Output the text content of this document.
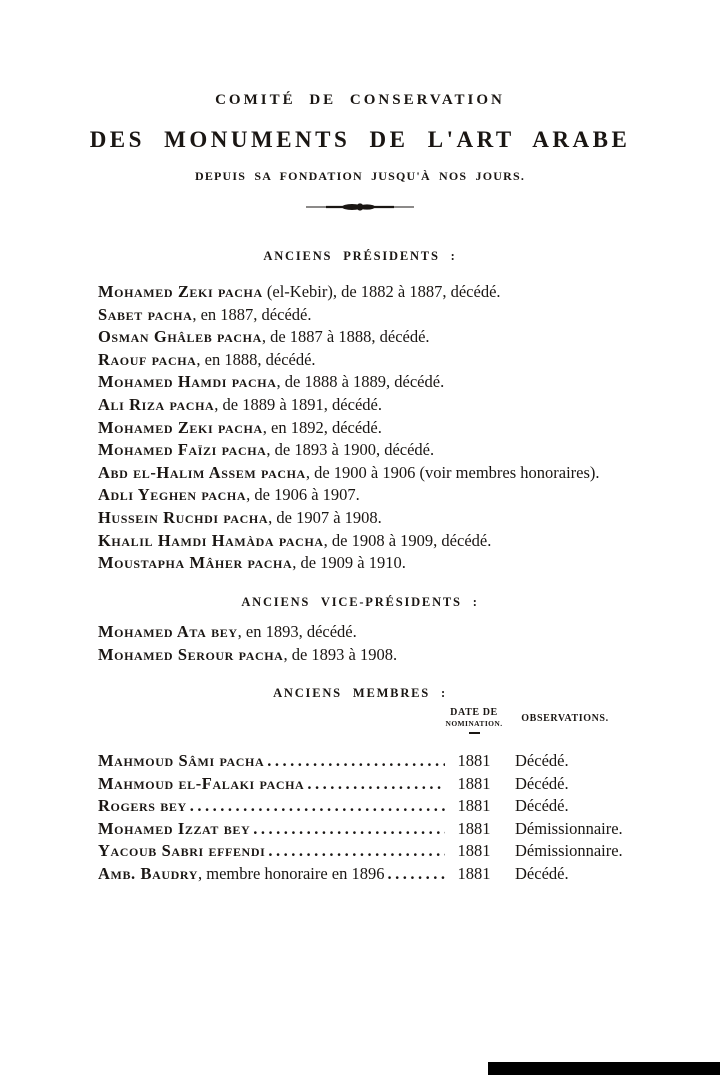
COMITÉ DE CONSERVATION
DES MONUMENTS DE L'ART ARABE
DEPUIS SA FONDATION JUSQU'À NOS JOURS.
ANCIENS PRÉSIDENTS :
Mohamed Zeki pacha (el-Kebir), de 1882 à 1887, décédé.
Sabet pacha, en 1887, décédé.
Osman Ghâleb pacha, de 1887 à 1888, décédé.
Raouf pacha, en 1888, décédé.
Mohamed Hamdi pacha, de 1888 à 1889, décédé.
Ali Riza pacha, de 1889 à 1891, décédé.
Mohamed Zeki pacha, en 1892, décédé.
Mohamed Faïzi pacha, de 1893 à 1900, décédé.
Abd el-Halim Assem pacha, de 1900 à 1906 (voir membres honoraires).
Adli Yeghen pacha, de 1906 à 1907.
Hussein Ruchdi pacha, de 1907 à 1908.
Khalil Hamdi Hamàda pacha, de 1908 à 1909, décédé.
Moustapha Mâher pacha, de 1909 à 1910.
ANCIENS VICE-PRÉSIDENTS :
Mohamed Ata bey, en 1893, décédé.
Mohamed Serour pacha, de 1893 à 1908.
ANCIENS MEMBRES :
DATE DE
NOMINATION.	OBSERVATIONS.
Mahmoud Sâmi pacha .....	1881	Décédé.
Mahmoud el-Falaki pacha .....	1881	Décédé.
Rogers bey .....	1881	Décédé.
Mohamed Izzat bey .....	1881	Démissionnaire.
Yacoub Sabri effendi .....	1881	Démissionnaire.
Amb. Baudry , membre honoraire en 1896 .....	1881	Décédé.
